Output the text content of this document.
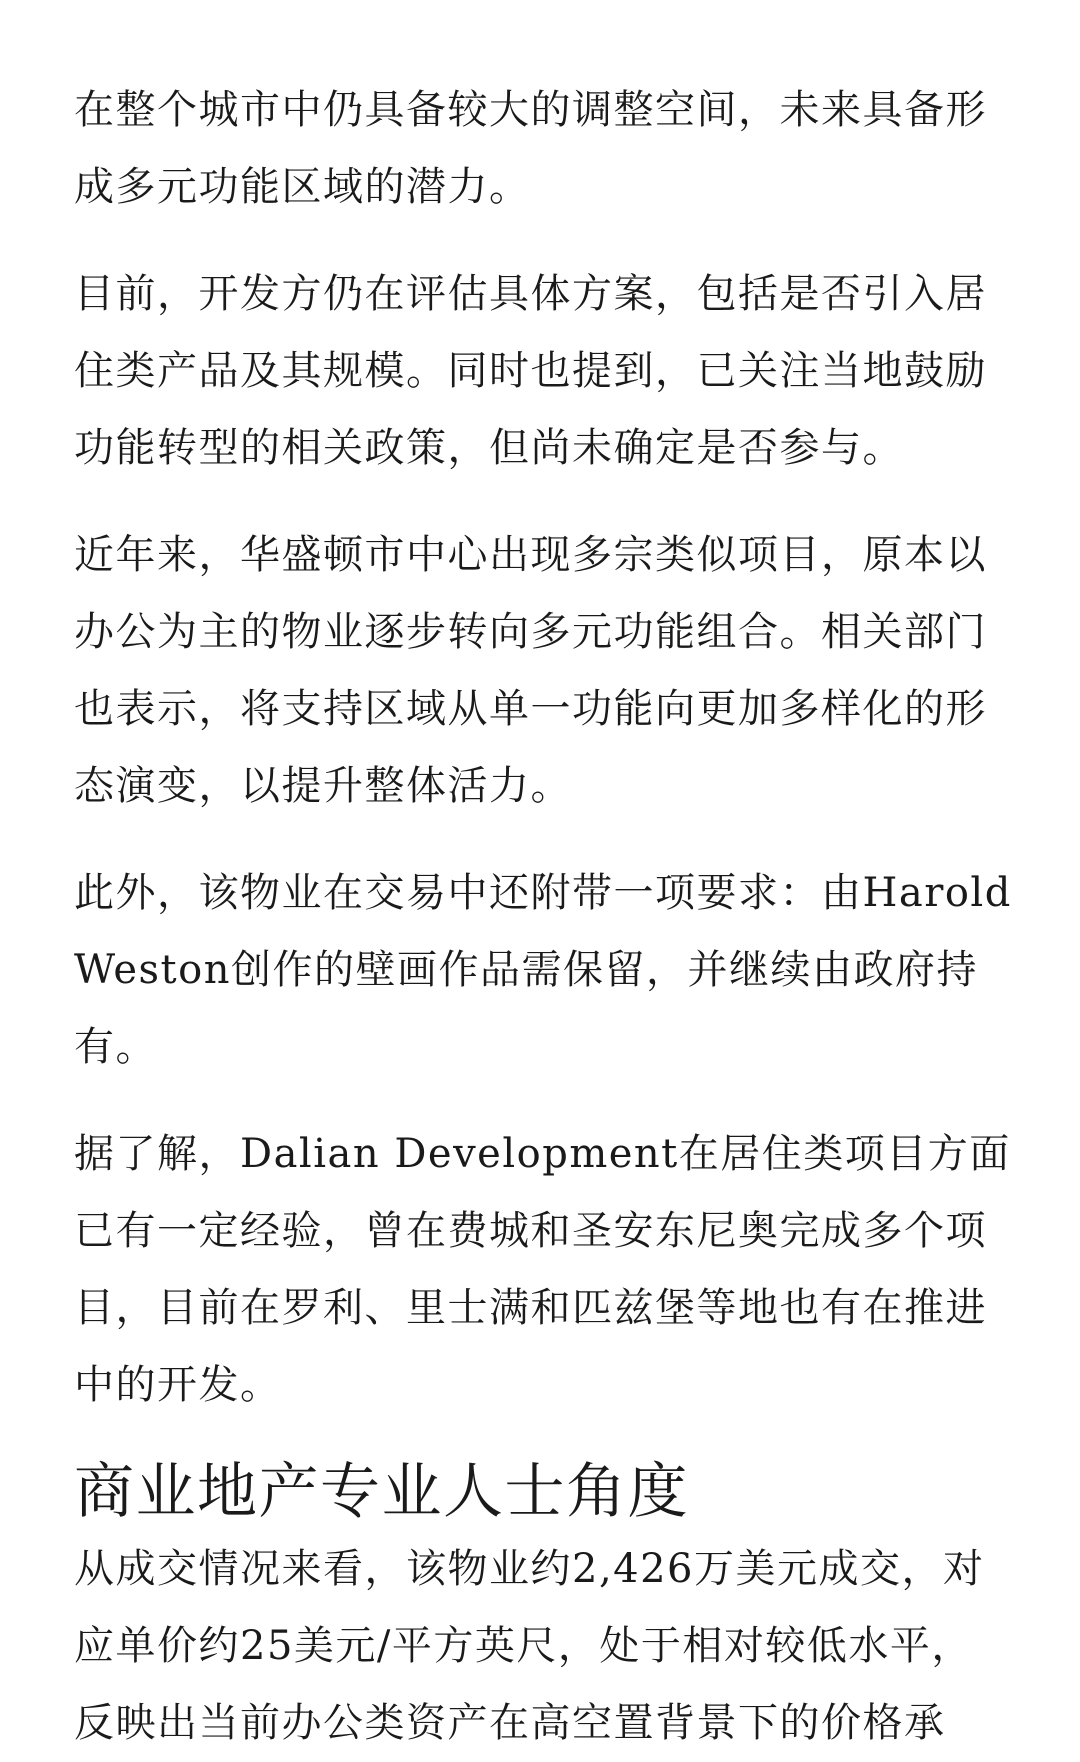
在整个城市中仍具备较大的调整空间，未来具备形成多元功能区域的潜力。

目前，开发方仍在评估具体方案，包括是否引入居住类产品及其规模。同时也提到，已关注当地鼓励功能转型的相关政策，但尚未确定是否参与。

近年来，华盛顿市中心出现多宗类似项目，原本以办公为主的物业逐步转向多元功能组合。相关部门也表示，将支持区域从单一功能向更加多样化的形态演变，以提升整体活力。

此外，该物业在交易中还附带一项要求：由Harold Weston创作的壁画作品需保留，并继续由政府持有。

据了解，Dalian Development在居住类项目方面已有一定经验，曾在费城和圣安东尼奥完成多个项目，目前在罗利、里士满和匹兹堡等地也有在推进中的开发。

商业地产专业人士角度

从成交情况来看，该物业约2,426万美元成交，对应单价约25美元/平方英尺，处于相对较低水平，反映出当前办公类资产在高空置背景下的价格承
